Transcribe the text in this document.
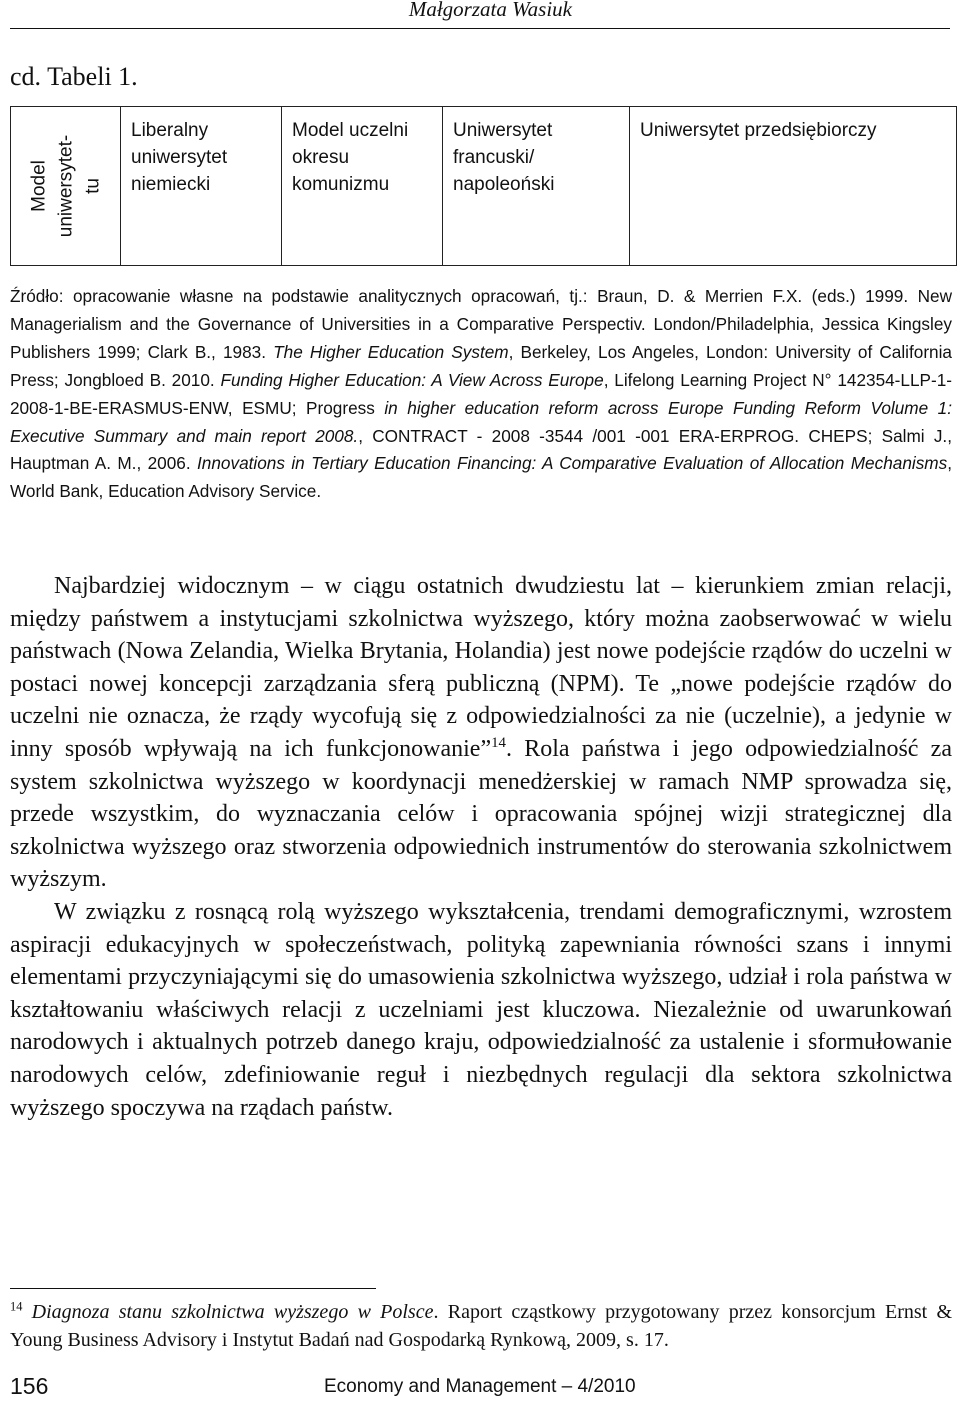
Małgorzata Wasiuk
cd. Tabeli 1.
Model uniwersytet- tu

Liberalny
uniwersytet
niemiecki

Model uczelni
okresu
komunizmu

Uniwersytet
francuski/
napoleoński

Uniwersytet przedsiębiorczy
Źródło: opracowanie własne na podstawie analitycznych opracowań, tj.: Braun, D. & Merrien F.X. (eds.) 1999. New Managerialism and the Governance of Universities in a Comparative Perspectiv. London/Philadelphia, Jessica Kingsley Publishers 1999; Clark B., 1983. The Higher Education System, Berkeley, Los Angeles, London: University of California Press; Jongbloed B. 2010. Funding Higher Education: A View Across Europe, Lifelong Learning Project N° 142354-LLP-1-2008-1-BE-ERASMUS-ENW, ESMU; Progress in higher education reform across Europe Funding Reform Volume 1: Executive Summary and main report 2008., CONTRACT - 2008 -3544 /001 -001 ERA-ERPROG. CHEPS; Salmi J., Hauptman A. M., 2006. Innovations in Tertiary Education Financing: A Comparative Evaluation of Allocation Mechanisms, World Bank, Education Advisory Service.

Najbardziej widocznym – w ciągu ostatnich dwudziestu lat – kierunkiem zmian relacji, między państwem a instytucjami szkolnictwa wyższego, który można zaobserwować w wielu państwach (Nowa Zelandia, Wielka Brytania, Holandia) jest nowe podejście rządów do uczelni w postaci nowej koncepcji zarządzania sferą publiczną (NPM). Te „nowe podejście rządów do uczelni nie oznacza, że rządy wycofują się z odpowiedzialności za nie (uczelnie), a jedynie w inny sposób wpływają na ich funkcjonowanie”$^{14}$. Rola państwa i jego odpowiedzialność za system szkolnictwa wyższego w koordynacji menedżerskiej w ramach NMP sprowadza się, przede wszystkim, do wyznaczania celów i opracowania spójnej wizji strategicznej dla szkolnictwa wyższego oraz stworzenia odpowiednich instrumentów do sterowania szkolnictwem wyższym.

W związku z rosnącą rolą wyższego wykształcenia, trendami demograficznymi, wzrostem aspiracji edukacyjnych w społeczeństwach, polityką zapewniania równości szans i innymi elementami przyczyniającymi się do umasowienia szkolnictwa wyższego, udział i rola państwa w kształtowaniu właściwych relacji z uczelniami jest kluczowa. Niezależnie od uwarunkowań narodowych i aktualnych potrzeb danego kraju, odpowiedzialność za ustalenie i sformułowanie narodowych celów, zdefiniowanie reguł i niezbędnych regulacji dla sektora szkolnictwa wyższego spoczywa na rządach państw.

$^{14}$ Diagnoza stanu szkolnictwa wyższego w Polsce. Raport cząstkowy przygotowany przez konsorcjum Ernst & Young Business Advisory i Instytut Badań nad Gospodarką Rynkową, 2009, s. 17.
156	Economy and Management – 4/2010
